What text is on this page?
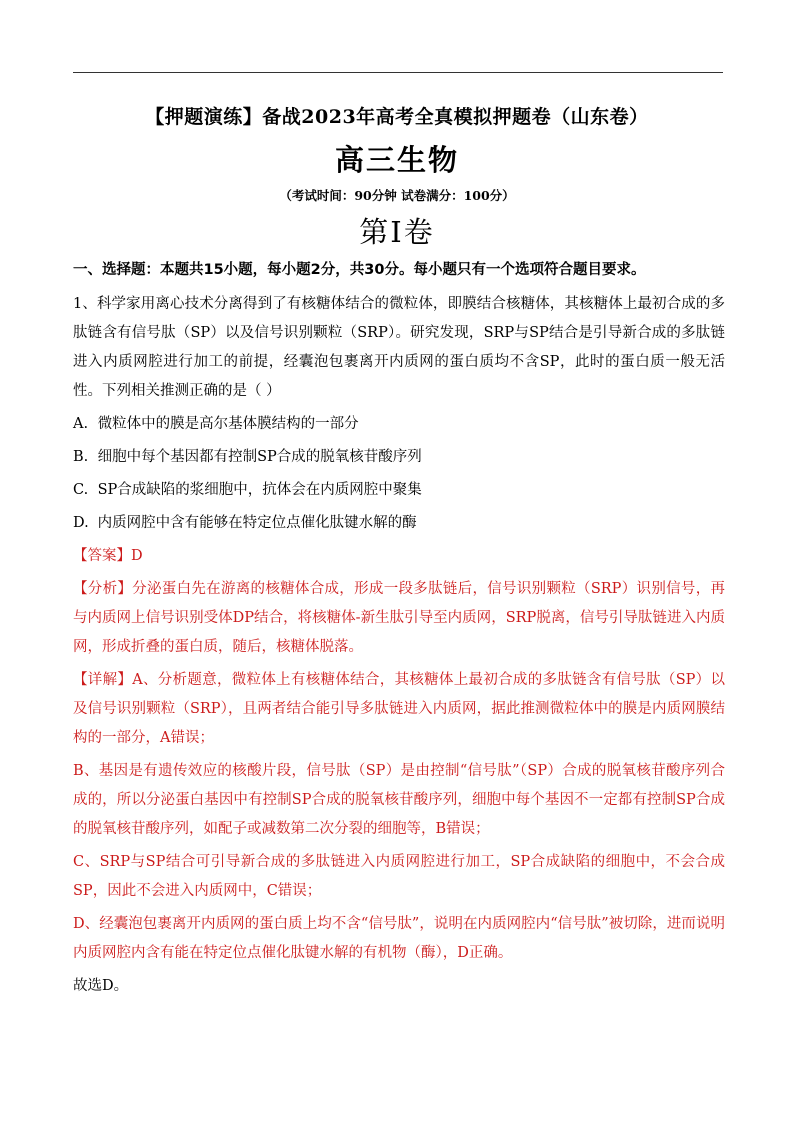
【押题演练】备战2023年高考全真模拟押题卷（山东卷）
高三生物
（考试时间：90分钟 试卷满分：100分）
第I卷
一、选择题：本题共15小题，每小题2分，共30分。每小题只有一个选项符合题目要求。

1、科学家用离心技术分离得到了有核糖体结合的微粒体，即膜结合核糖体，其核糖体上最初合成的多肽链含有信号肽（SP）以及信号识别颗粒（SRP）。研究发现，SRP与SP结合是引导新合成的多肽链进入内质网腔进行加工的前提，经囊泡包裹离开内质网的蛋白质均不含SP，此时的蛋白质一般无活性。下列相关推测正确的是（ ）

A. 微粒体中的膜是高尔基体膜结构的一部分
B. 细胞中每个基因都有控制SP合成的脱氧核苷酸序列
C. SP合成缺陷的浆细胞中，抗体会在内质网腔中聚集
D. 内质网腔中含有能够在特定位点催化肽键水解的酶

【答案】D

【分析】分泌蛋白先在游离的核糖体合成，形成一段多肽链后，信号识别颗粒（SRP）识别信号，再与内质网上信号识别受体DP结合，将核糖体-新生肽引导至内质网，SRP脱离，信号引导肽链进入内质网，形成折叠的蛋白质，随后，核糖体脱落。

【详解】A、分析题意，微粒体上有核糖体结合，其核糖体上最初合成的多肽链含有信号肽（SP）以及信号识别颗粒（SRP），且两者结合能引导多肽链进入内质网，据此推测微粒体中的膜是内质网膜结构的一部分，A错误；

B、基因是有遗传效应的核酸片段，信号肽（SP）是由控制“信号肽”（SP）合成的脱氧核苷酸序列合成的，所以分泌蛋白基因中有控制SP合成的脱氧核苷酸序列，细胞中每个基因不一定都有控制SP合成的脱氧核苷酸序列，如配子或减数第二次分裂的细胞等，B错误；

C、SRP与SP结合可引导新合成的多肽链进入内质网腔进行加工，SP合成缺陷的细胞中，不会合成SP，因此不会进入内质网中，C错误；

D、经囊泡包裹离开内质网的蛋白质上均不含“信号肽”，说明在内质网腔内“信号肽”被切除，进而说明内质网腔内含有能在特定位点催化肽键水解的有机物（酶），D正确。

故选D。
